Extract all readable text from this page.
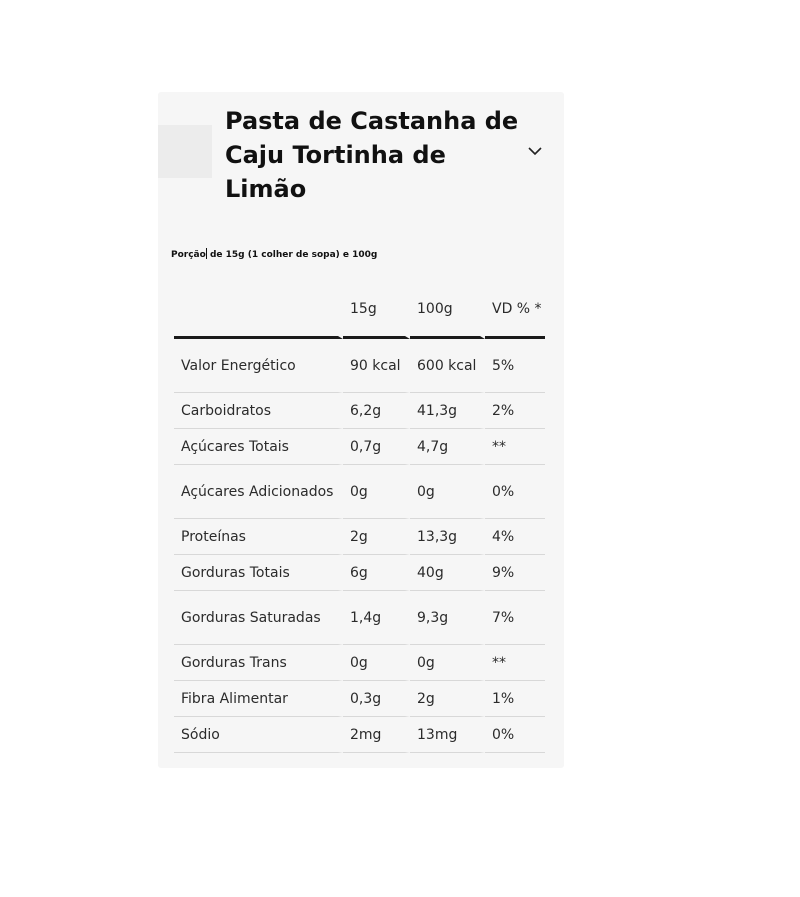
Pasta de Castanha de Caju Tortinha de Limão

Porção de 15g (1 colher de sopa) e 100g

	15g	100g	VD % *
Valor Energético	90 kcal	600 kcal	5%
Carboidratos	6,2g	41,3g	2%
Açúcares Totais	0,7g	4,7g	**
Açúcares Adicionados	0g	0g	0%
Proteínas	2g	13,3g	4%
Gorduras Totais	6g	40g	9%
Gorduras Saturadas	1,4g	9,3g	7%
Gorduras Trans	0g	0g	**
Fibra Alimentar	0,3g	2g	1%
Sódio	2mg	13mg	0%
